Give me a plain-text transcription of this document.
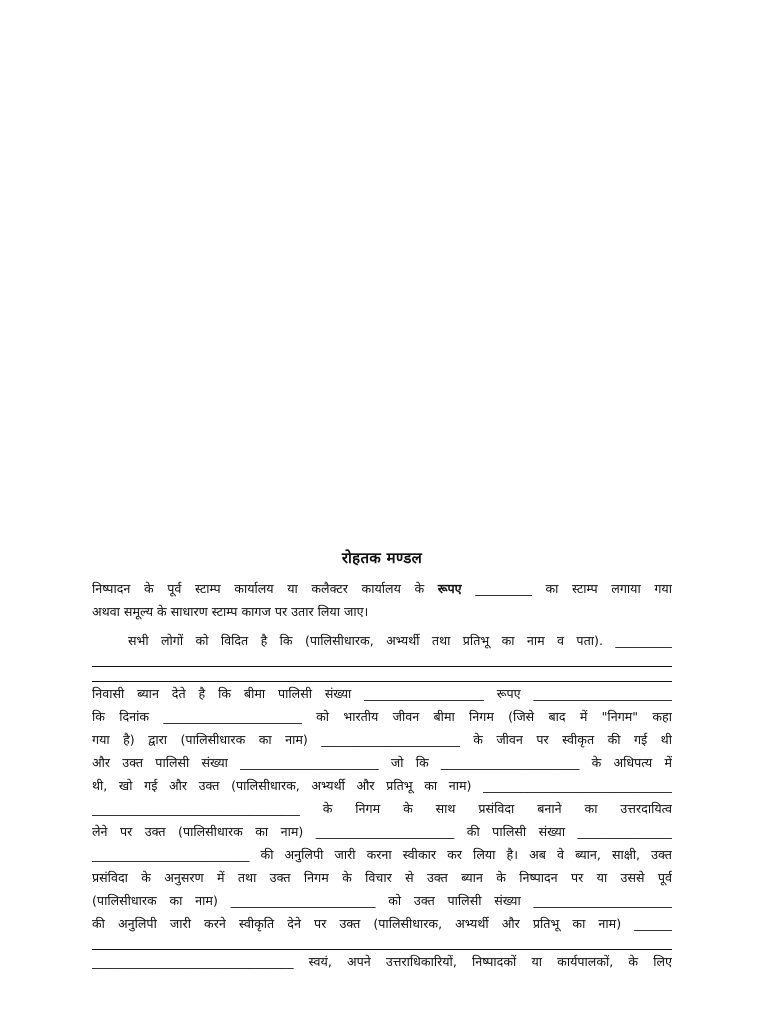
रोहतक मण्डल
निष्पादन के पूर्व स्टाम्प कार्यालय या कलैक्टर कार्यालय के रूपए _________ का स्टाम्प लगाया गया
अथवा समूल्य के साधारण स्टाम्प कागज पर उतार लिया जाए।
सभी लोगों को विदित है कि (पालिसीधारक, अभ्यर्थी तथा प्रतिभू का नाम व पता). _________
निवासी ब्यान देते है कि बीमा पालिसी संख्या ___________________ रूपए ______________________
कि दिनांक ______________________ को भारतीय जीवन बीमा निगम (जिसे बाद में "निगम" कहा
गया है) द्वारा (पालिसीधारक का नाम) ______________________ के जीवन पर स्वीकृत की गई थी
और उक्त पालिसी संख्या ______________________ जो कि ______________________ के अधिपत्य में
थी, खो गई और उक्त (पालिसीधारक, अभ्यर्थी और प्रतिभू का नाम) ______________________________
_________________________________ के निगम के साथ प्रसंविदा बनाने का उत्तरदायित्व
लेने पर उक्त (पालिसीधारक का नाम) ______________________ की पालिसी संख्या _______________
_________________________ की अनुलिपी जारी करना स्वीकार कर लिया है। अब वे ब्यान, साक्षी, उक्त
प्रसंविदा के अनुसरण में तथा उक्त निगम के विचार से उक्त ब्यान के निष्पादन पर या उससे पूर्व
(पालिसीधारक का नाम) _______________________ को उक्त पालिसी संख्या ______________________
की अनुलिपी जारी करने स्वीकृति देने पर उक्त (पालिसीधारक, अभ्यर्थी और प्रतिभू का नाम) ______
________________________________ स्वयं, अपने उत्तराधिकारियों, निष्पादकों या कार्यपालकों, के लिए
